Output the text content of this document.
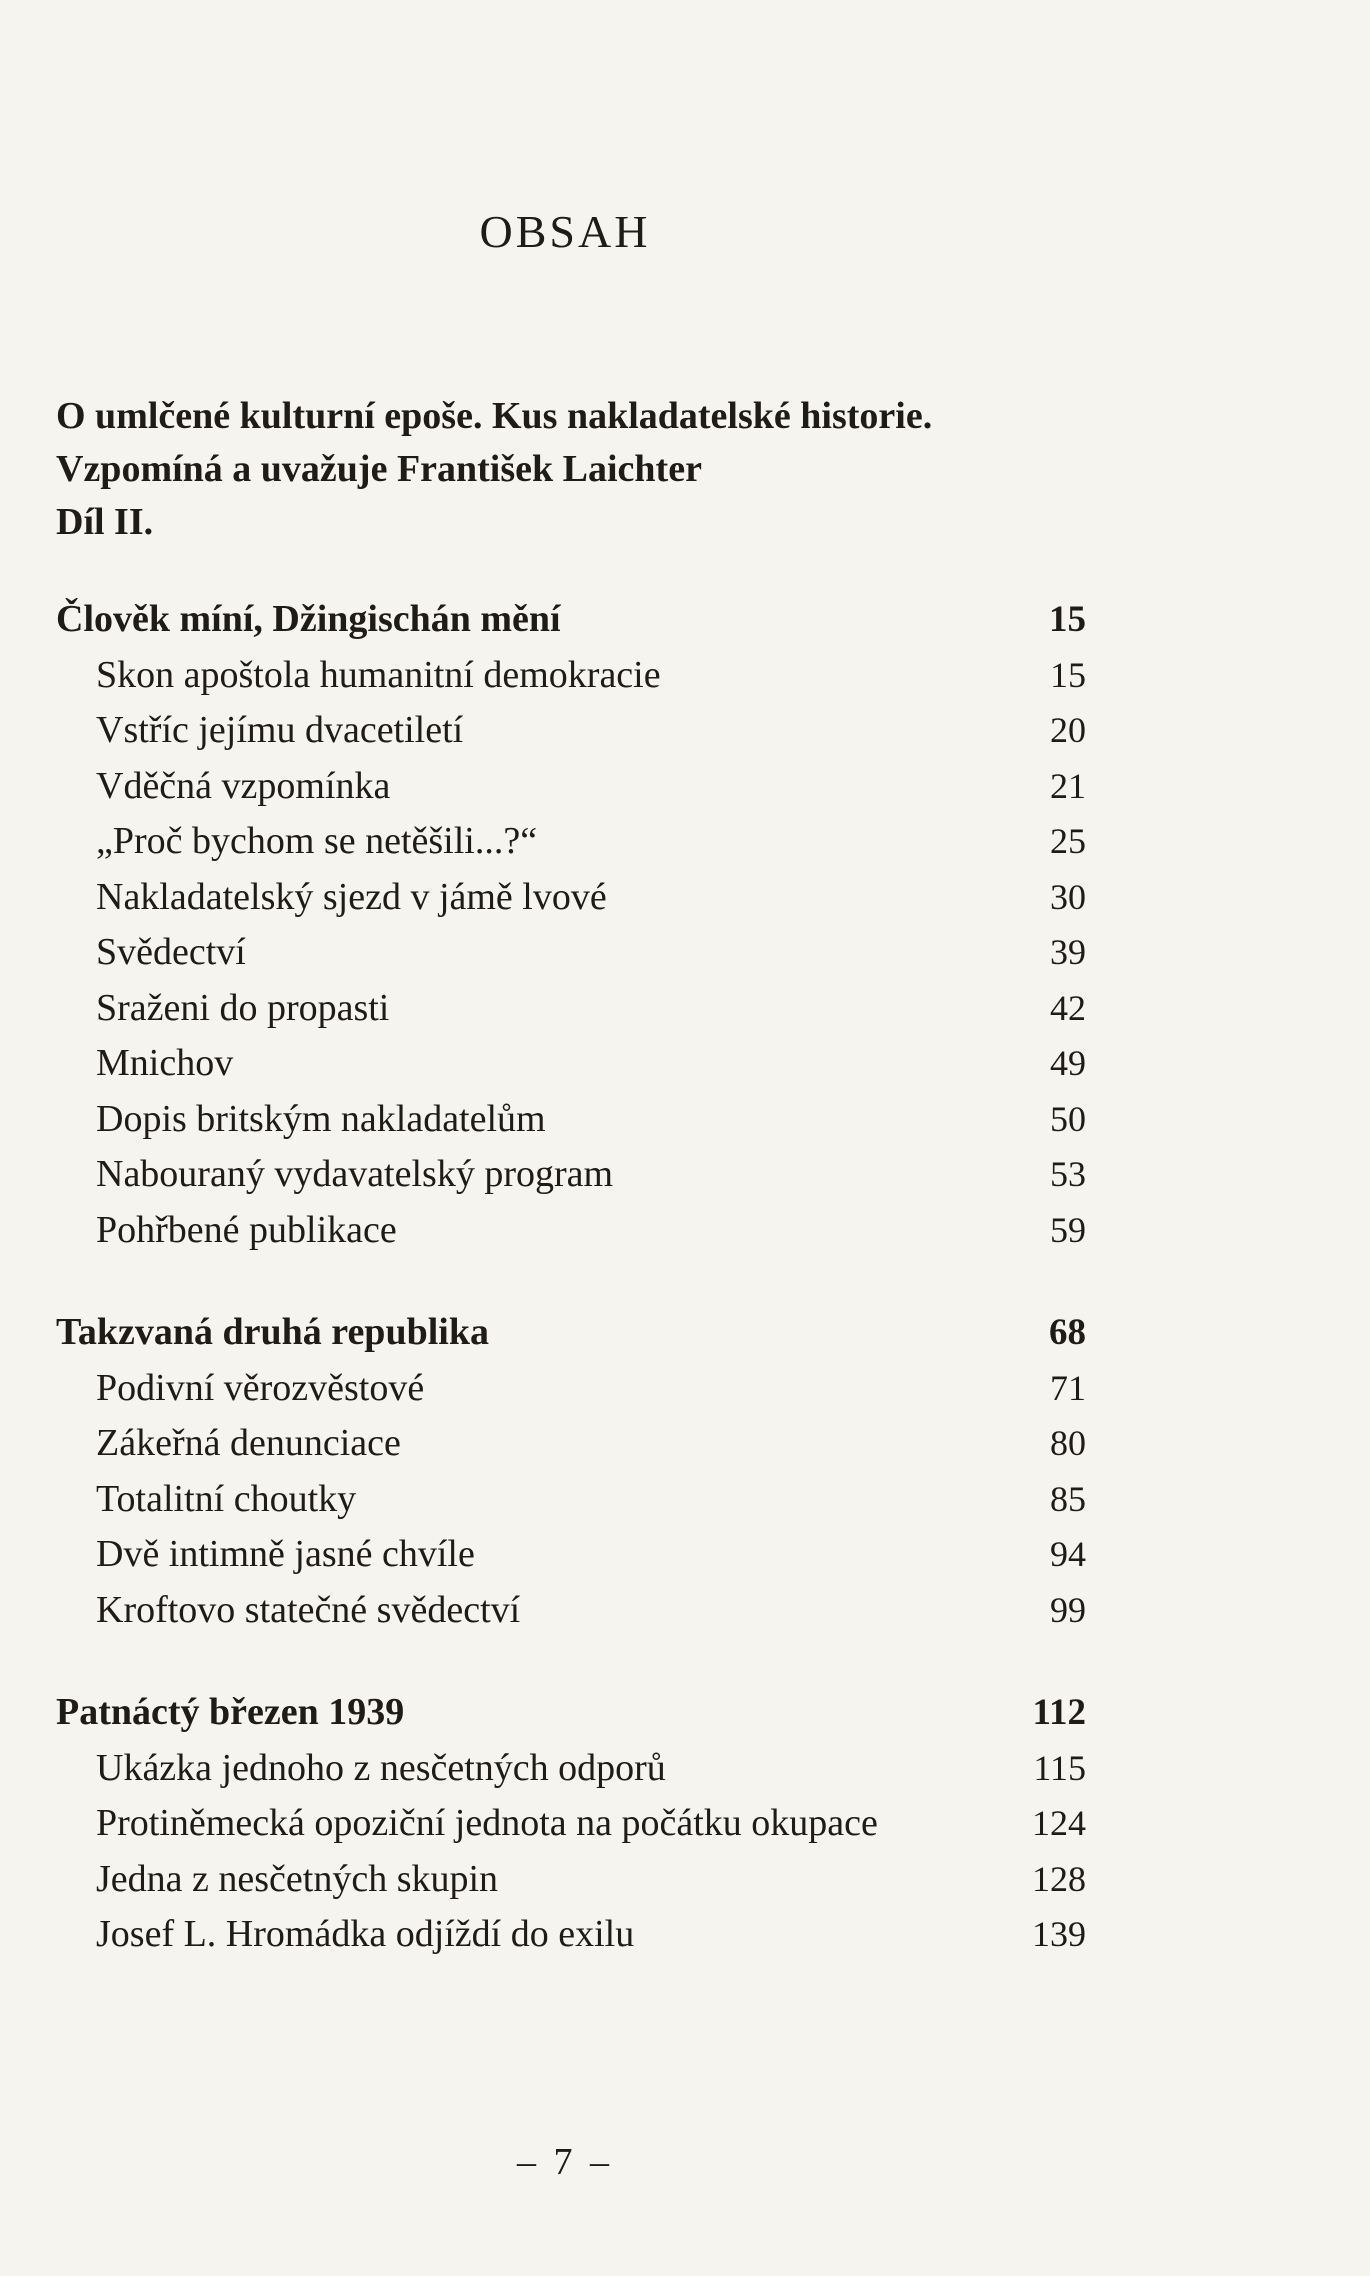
OBSAH
O umlčené kulturní epoše. Kus nakladatelské historie.
Vzpomíná a uvažuje František Laichter
Díl II.
Člověk míní, Džingischán mění	15
Skon apoštola humanitní demokracie	15
Vstříc jejímu dvacetiletí	20
Vděčná vzpomínka	21
„Proč bychom se netěšili...?“	25
Nakladatelský sjezd v jámě lvové	30
Svědectví	39
Sraženi do propasti	42
Mnichov	49
Dopis britským nakladatelům	50
Nabouraný vydavatelský program	53
Pohřbené publikace	59
Takzvaná druhá republika	68
Podivní věrozvěstové	71
Zákeřná denunciace	80
Totalitní choutky	85
Dvě intimně jasné chvíle	94
Kroftovo statečné svědectví	99
Patnáctý březen 1939	112
Ukázka jednoho z nesčetných odporů	115
Protiněmecká opoziční jednota na počátku okupace	124
Jedna z nesčetných skupin	128
Josef L. Hromádka odjíždí do exilu	139
– 7 –
